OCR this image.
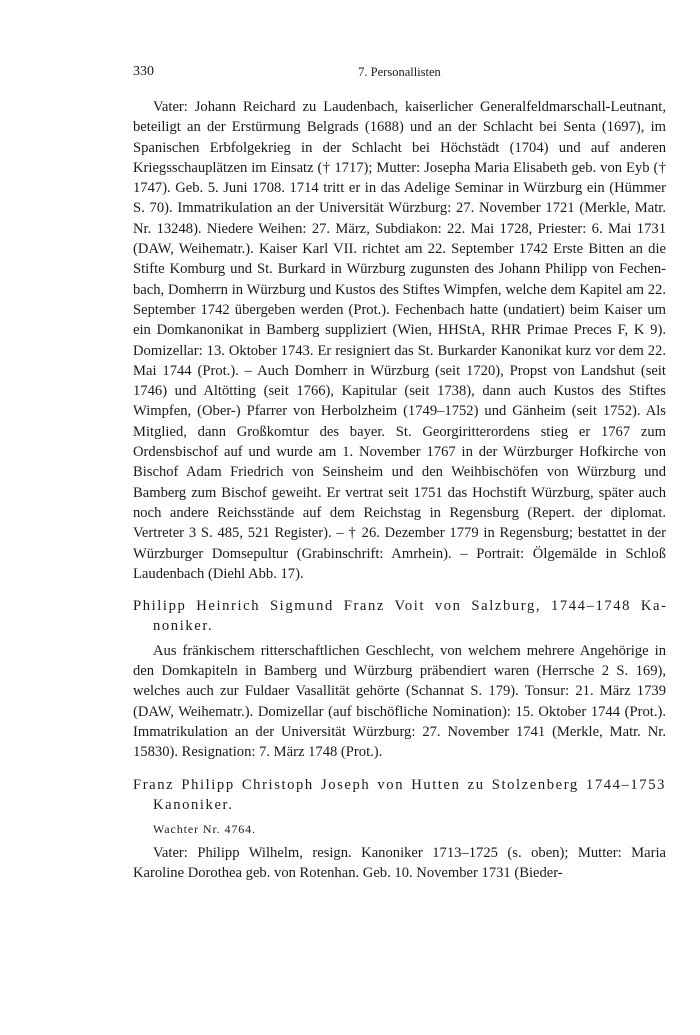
330	7. Personallisten

Vater: Johann Reichard zu Laudenbach, kaiserlicher Generalfeldmarschall-Leutnant, beteiligt an der Erstürmung Belgrads (1688) und an der Schlacht bei Senta (1697), im Spanischen Erbfolgekrieg in der Schlacht bei Höchstädt (1704) und auf anderen Kriegsschauplätzen im Einsatz († 1717); Mutter: Josepha Maria Elisabeth geb. von Eyb († 1747). Geb. 5. Juni 1708. 1714 tritt er in das Adelige Seminar in Würzburg ein (Hümmer S. 70). Immatrikulation an der Universität Würzburg: 27. November 1721 (Merkle, Matr. Nr. 13248). Niedere Weihen: 27. März, Subdiakon: 22. Mai 1728, Priester: 6. Mai 1731 (DAW, Weihematr.). Kaiser Karl VII. richtet am 22. September 1742 Erste Bitten an die Stifte Komburg und St. Burkard in Würzburg zugunsten des Johann Philipp von Fechenbach, Domherrn in Würzburg und Kustos des Stiftes Wimpfen, welche dem Kapitel am 22. September 1742 übergeben werden (Prot.). Fechenbach hatte (undatiert) beim Kaiser um ein Domkanonikat in Bamberg suppliziert (Wien, HHStA, RHR Primae Preces F, K 9). Domizellar: 13. Oktober 1743. Er resigniert das St. Burkarder Kanonikat kurz vor dem 22. Mai 1744 (Prot.). – Auch Domherr in Würzburg (seit 1720), Propst von Landshut (seit 1746) und Altötting (seit 1766), Kapitular (seit 1738), dann auch Kustos des Stiftes Wimpfen, (Ober-) Pfarrer von Herbolzheim (1749–1752) und Gänheim (seit 1752). Als Mitglied, dann Großkomtur des bayer. St. Georgiritterordens stieg er 1767 zum Ordensbischof auf und wurde am 1. November 1767 in der Würzburger Hofkirche von Bischof Adam Friedrich von Seinsheim und den Weihbischöfen von Würzburg und Bamberg zum Bischof geweiht. Er vertrat seit 1751 das Hochstift Würzburg, später auch noch andere Reichsstände auf dem Reichstag in Regensburg (Repert. der diplomat. Vertreter 3 S. 485, 521 Register). – † 26. Dezember 1779 in Regensburg; bestattet in der Würzburger Domsepultur (Grabinschrift: Amrhein). – Portrait: Ölgemälde in Schloß Laudenbach (Diehl Abb. 17).

Philipp Heinrich Sigmund Franz Voit von Salzburg, 1744–1748 Kanoniker.

Aus fränkischem ritterschaftlichen Geschlecht, von welchem mehrere Angehörige in den Domkapiteln in Bamberg und Würzburg präbendiert waren (Herrsche 2 S. 169), welches auch zur Fuldaer Vasallität gehörte (Schannat S. 179). Tonsur: 21. März 1739 (DAW, Weihematr.). Domizellar (auf bischöfliche Nomination): 15. Oktober 1744 (Prot.). Immatrikulation an der Universität Würzburg: 27. November 1741 (Merkle, Matr. Nr. 15830). Resignation: 7. März 1748 (Prot.).

Franz Philipp Christoph Joseph von Hutten zu Stolzenberg 1744–1753 Kanoniker.
Wachter Nr. 4764.

Vater: Philipp Wilhelm, resign. Kanoniker 1713–1725 (s. oben); Mutter: Maria Karoline Dorothea geb. von Rotenhan. Geb. 10. November 1731 (Bieder-
